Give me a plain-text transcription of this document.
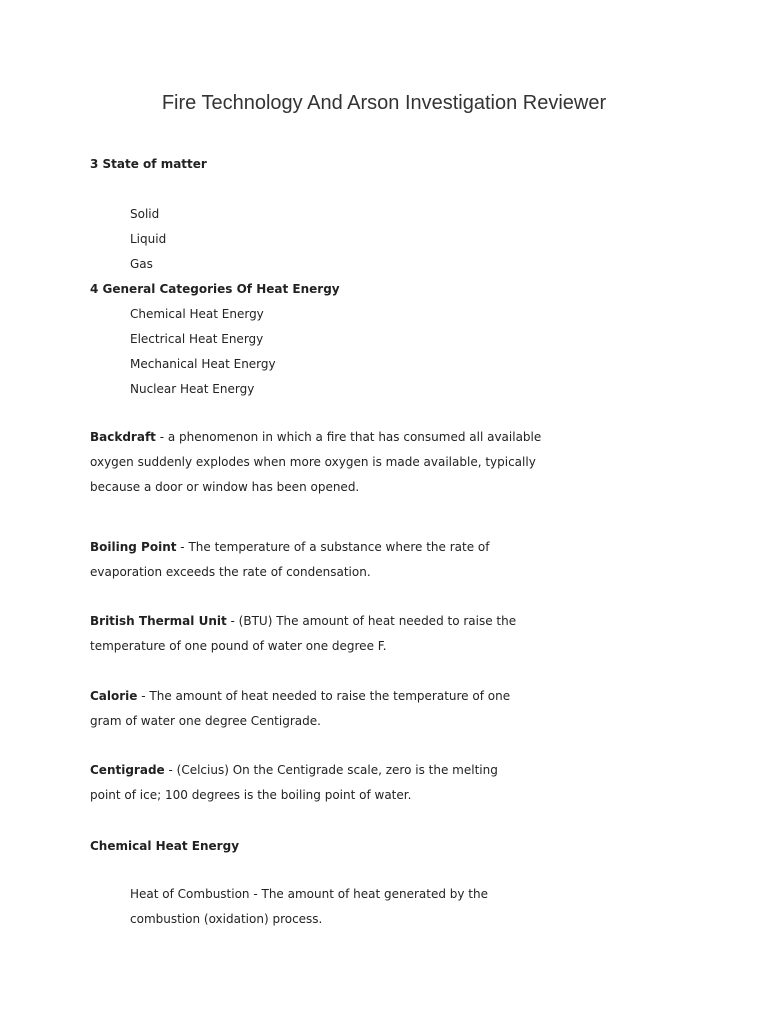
Fire Technology And Arson Investigation Reviewer
3 State of matter
Solid
Liquid
Gas
4 General Categories Of Heat Energy
Chemical Heat Energy
Electrical Heat Energy
Mechanical Heat Energy
Nuclear Heat Energy
Backdraft - a phenomenon in which a fire that has consumed all available
oxygen suddenly explodes when more oxygen is made available, typically
because a door or window has been opened.
Boiling Point - The temperature of a substance where the rate of
evaporation exceeds the rate of condensation.
British Thermal Unit - (BTU) The amount of heat needed to raise the
temperature of one pound of water one degree F.
Calorie - The amount of heat needed to raise the temperature of one
gram of water one degree Centigrade.
Centigrade - (Celcius) On the Centigrade scale, zero is the melting
point of ice; 100 degrees is the boiling point of water.
Chemical Heat Energy
Heat of Combustion - The amount of heat generated by the
combustion (oxidation) process.
